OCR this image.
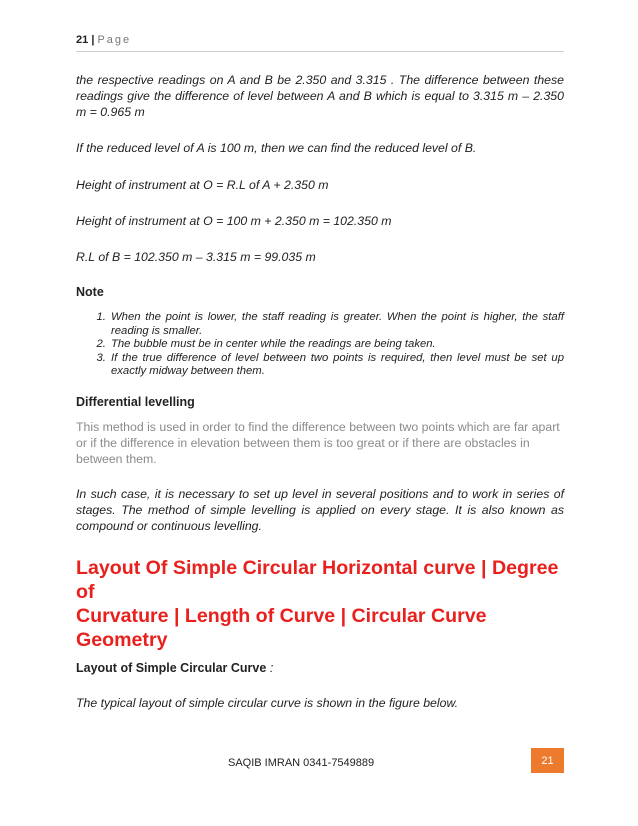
21 | Page

the respective readings on A and B be 2.350 and 3.315 . The difference between these readings give the difference of level between A and B which is equal to 3.315 m – 2.350 m = 0.965 m

If the reduced level of A is 100 m, then we can find the reduced level of B.

Height of instrument at O = R.L of A + 2.350 m

Height of instrument at O = 100 m + 2.350 m = 102.350 m

R.L of B = 102.350 m – 3.315 m = 99.035 m

Note

1. When the point is lower, the staff reading is greater. When the point is higher, the staff reading is smaller.
2. The bubble must be in center while the readings are being taken.
3. If the true difference of level between two points is required, then level must be set up exactly midway between them.

Differential levelling

This method is used in order to find the difference between two points which are far apart or if the difference in elevation between them is too great or if there are obstacles in between them.

In such case, it is necessary to set up level in several positions and to work in series of stages. The method of simple levelling is applied on every stage. It is also known as compound or continuous levelling.

Layout Of Simple Circular Horizontal curve | Degree of

Curvature | Length of Curve | Circular Curve Geometry

Layout of Simple Circular Curve :

The typical layout of simple circular curve is shown in the figure below.

SAQIB IMRAN 0341-7549889	21
